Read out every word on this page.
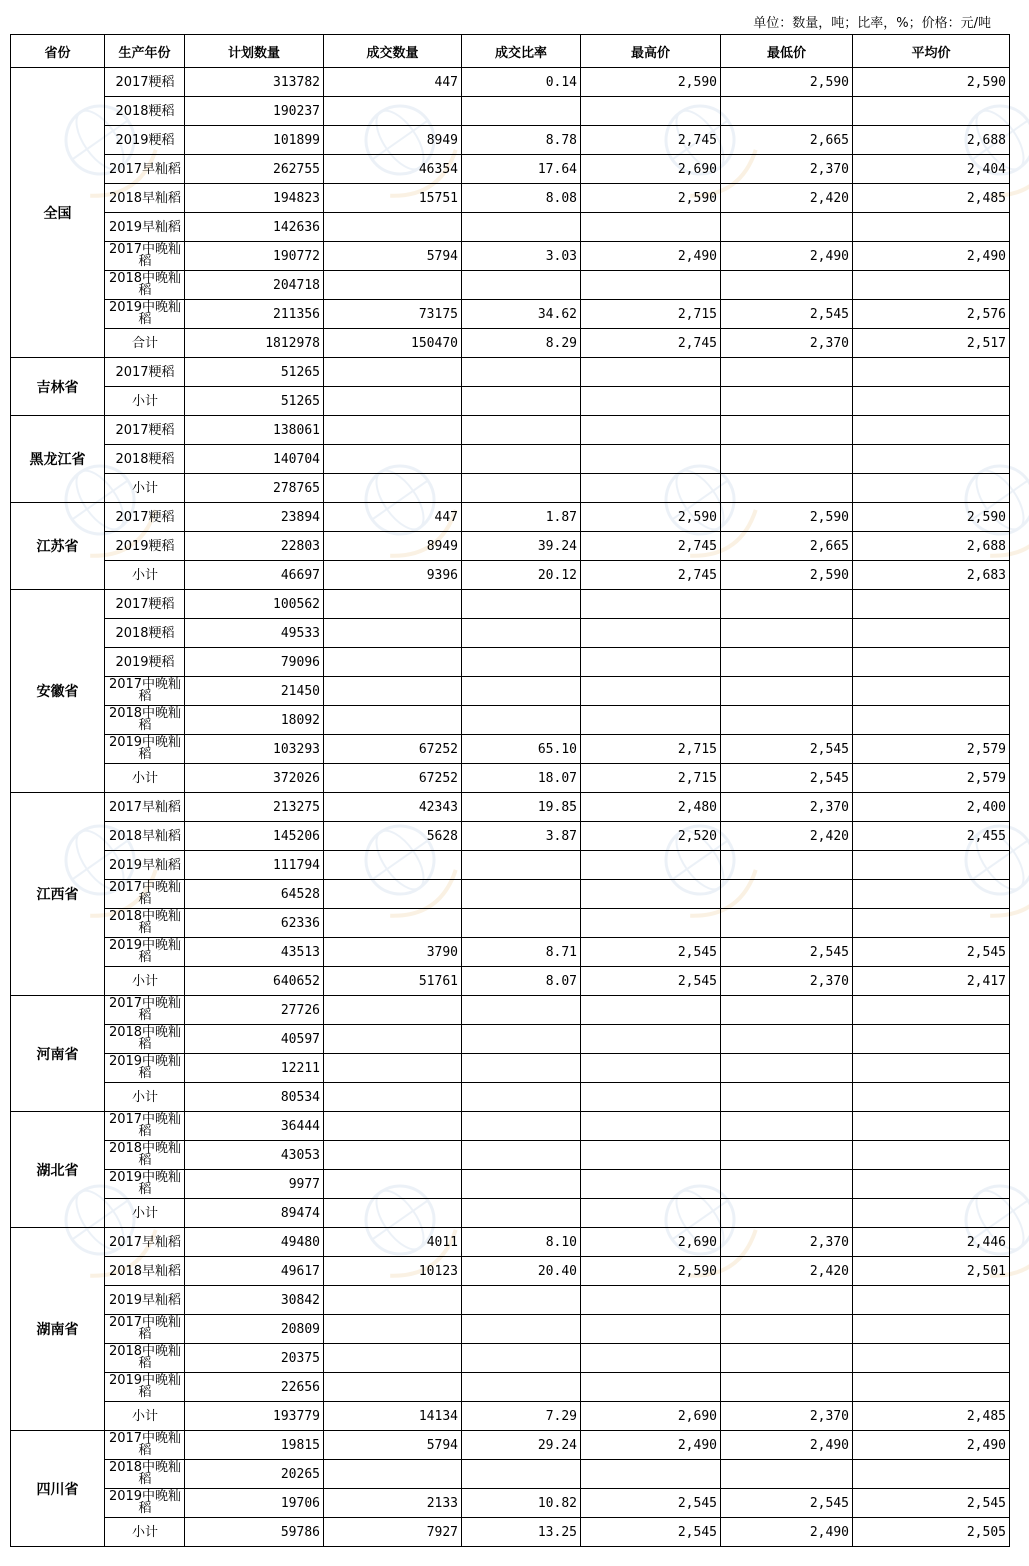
单位：数量，吨；比率，%；价格：元/吨
省份	生产年份	计划数量	成交数量	成交比率	最高价	最低价	平均价
全国	2017粳稻	313782	447	0.14	2,590	2,590	2,590
	2018粳稻	190237					
	2019粳稻	101899	8949	8.78	2,745	2,665	2,688
	2017早籼稻	262755	46354	17.64	2,690	2,370	2,404
	2018早籼稻	194823	15751	8.08	2,590	2,420	2,485
	2019早籼稻	142636					
	2017中晚籼稻	190772	5794	3.03	2,490	2,490	2,490
	2018中晚籼稻	204718					
	2019中晚籼稻	211356	73175	34.62	2,715	2,545	2,576
	合计	1812978	150470	8.29	2,745	2,370	2,517
吉林省	2017粳稻	51265					
	小计	51265					
黑龙江省	2017粳稻	138061					
	2018粳稻	140704					
	小计	278765					
江苏省	2017粳稻	23894	447	1.87	2,590	2,590	2,590
	2019粳稻	22803	8949	39.24	2,745	2,665	2,688
	小计	46697	9396	20.12	2,745	2,590	2,683
安徽省	2017粳稻	100562					
	2018粳稻	49533					
	2019粳稻	79096					
	2017中晚籼稻	21450					
	2018中晚籼稻	18092					
	2019中晚籼稻	103293	67252	65.10	2,715	2,545	2,579
	小计	372026	67252	18.07	2,715	2,545	2,579
江西省	2017早籼稻	213275	42343	19.85	2,480	2,370	2,400
	2018早籼稻	145206	5628	3.87	2,520	2,420	2,455
	2019早籼稻	111794					
	2017中晚籼稻	64528					
	2018中晚籼稻	62336					
	2019中晚籼稻	43513	3790	8.71	2,545	2,545	2,545
	小计	640652	51761	8.07	2,545	2,370	2,417
河南省	2017中晚籼稻	27726					
	2018中晚籼稻	40597					
	2019中晚籼稻	12211					
	小计	80534					
湖北省	2017中晚籼稻	36444					
	2018中晚籼稻	43053					
	2019中晚籼稻	9977					
	小计	89474					
湖南省	2017早籼稻	49480	4011	8.10	2,690	2,370	2,446
	2018早籼稻	49617	10123	20.40	2,590	2,420	2,501
	2019早籼稻	30842					
	2017中晚籼稻	20809					
	2018中晚籼稻	20375					
	2019中晚籼稻	22656					
	小计	193779	14134	7.29	2,690	2,370	2,485
四川省	2017中晚籼稻	19815	5794	29.24	2,490	2,490	2,490
	2018中晚籼稻	20265					
	2019中晚籼稻	19706	2133	10.82	2,545	2,545	2,545
	小计	59786	7927	13.25	2,545	2,490	2,505
